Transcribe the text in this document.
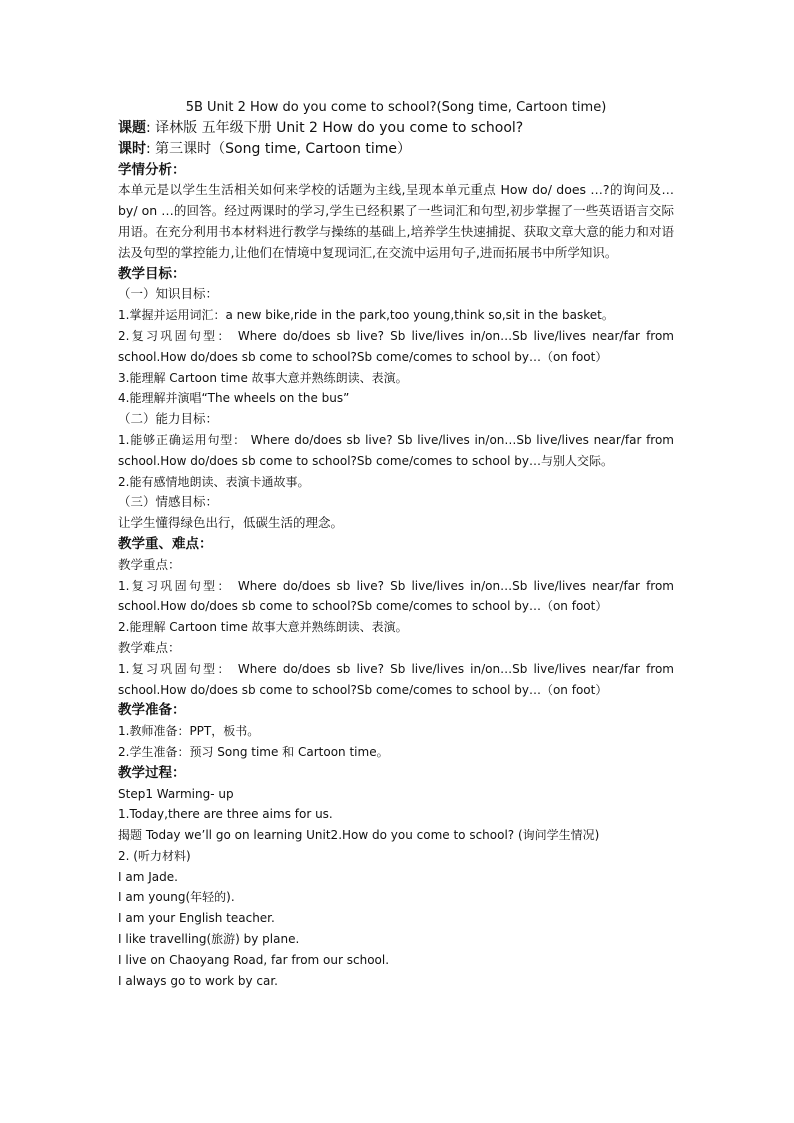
5B Unit 2 How do you come to school?(Song time, Cartoon time)
课题: 译林版 五年级下册 Unit 2 How do you come to school?
课时: 第三课时（Song time, Cartoon time）
学情分析：
本单元是以学生生活相关如何来学校的话题为主线,呈现本单元重点 How do/ does …?的询问及…by/ on …的回答。经过两课时的学习,学生已经积累了一些词汇和句型,初步掌握了一些英语语言交际用语。在充分利用书本材料进行教学与操练的基础上,培养学生快速捕捉、获取文章大意的能力和对语法及句型的掌控能力,让他们在情境中复现词汇,在交流中运用句子,进而拓展书中所学知识。
教学目标：
（一）知识目标：
1.掌握并运用词汇：a new bike,ride in the park,too young,think so,sit in the basket。
2.复习巩固句型： Where do/does sb live? Sb live/lives in/on…Sb live/lives near/far from
school.How do/does sb come to school?Sb come/comes to school by…（on foot）
3.能理解 Cartoon time 故事大意并熟练朗读、表演。
4.能理解并演唱“The wheels on the bus”
（二）能力目标：
1.能够正确运用句型： Where do/does sb live? Sb live/lives in/on…Sb live/lives near/far from
school.How do/does sb come to school?Sb come/comes to school by…与别人交际。
2.能有感情地朗读、表演卡通故事。
（三）情感目标：
让学生懂得绿色出行，低碳生活的理念。
教学重、难点：
教学重点：
1.复习巩固句型： Where do/does sb live? Sb live/lives in/on…Sb live/lives near/far from
school.How do/does sb come to school?Sb come/comes to school by…（on foot）
2.能理解 Cartoon time 故事大意并熟练朗读、表演。
教学难点：
1.复习巩固句型： Where do/does sb live? Sb live/lives in/on…Sb live/lives near/far from
school.How do/does sb come to school?Sb come/comes to school by…（on foot）
教学准备：
1.教师准备：PPT，板书。
2.学生准备：预习 Song time 和 Cartoon time。
教学过程：
Step1 Warming- up
1.Today,there are three aims for us.
揭题 Today we’ll go on learning Unit2.How do you come to school? (询问学生情况)
2. (听力材料)
I am Jade.
I am young(年轻的).
I am your English teacher.
I like travelling(旅游) by plane.
I live on Chaoyang Road, far from our school.
I always go to work by car.
